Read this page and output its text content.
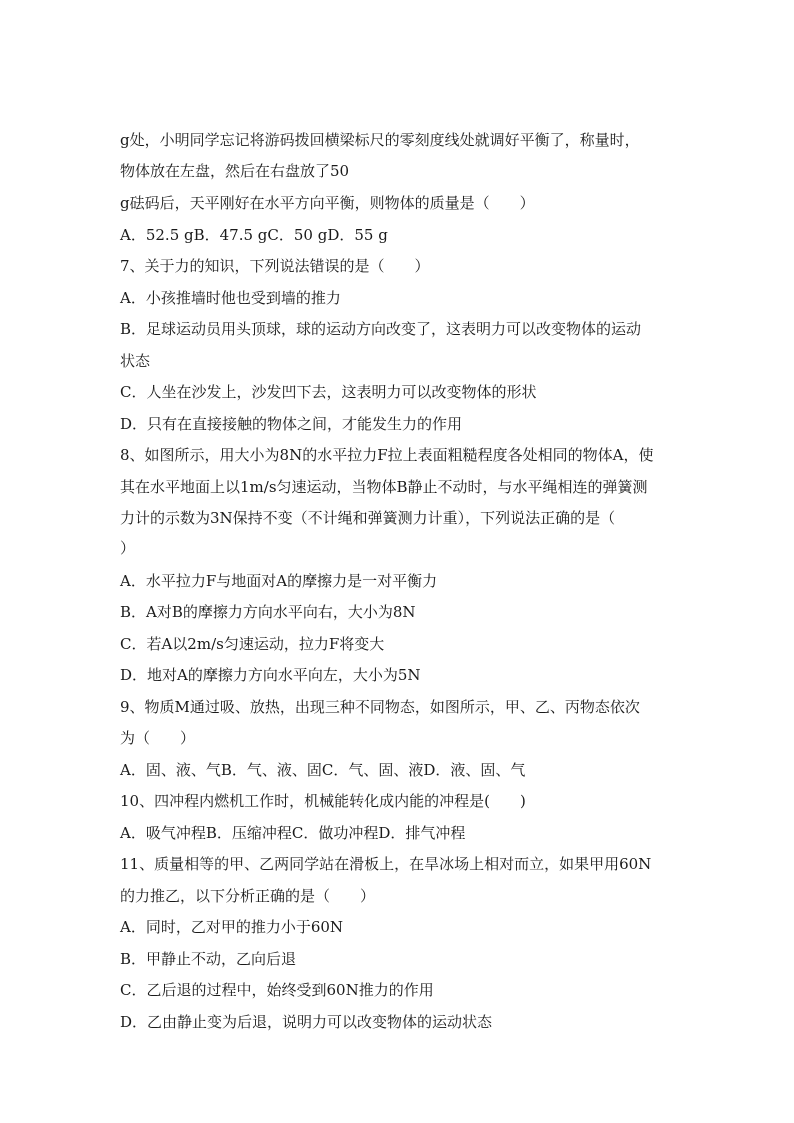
g处，小明同学忘记将游码拨回横梁标尺的零刻度线处就调好平衡了，称量时，
物体放在左盘，然后在右盘放了50
g砝码后，天平刚好在水平方向平衡，则物体的质量是（　　）
A．52.5 gB．47.5 gC．50 gD．55 g
7、关于力的知识，下列说法错误的是（　　）
A．小孩推墙时他也受到墙的推力
B．足球运动员用头顶球，球的运动方向改变了，这表明力可以改变物体的运动
状态
C．人坐在沙发上，沙发凹下去，这表明力可以改变物体的形状
D．只有在直接接触的物体之间，才能发生力的作用
8、如图所示，用大小为8N的水平拉力F拉上表面粗糙程度各处相同的物体A，使
其在水平地面上以1m/s匀速运动，当物体B静止不动时，与水平绳相连的弹簧测
力计的示数为3N保持不变（不计绳和弹簧测力计重），下列说法正确的是（
）
A．水平拉力F与地面对A的摩擦力是一对平衡力
B．A对B的摩擦力方向水平向右，大小为8N
C．若A以2m/s匀速运动，拉力F将变大
D．地对A的摩擦力方向水平向左，大小为5N
9、物质M通过吸、放热，出现三种不同物态，如图所示，甲、乙、丙物态依次
为（　　）
A．固、液、气B．气、液、固C．气、固、液D．液、固、气
10、四冲程内燃机工作时，机械能转化成内能的冲程是(　　)
A．吸气冲程B．压缩冲程C．做功冲程D．排气冲程
11、质量相等的甲、乙两同学站在滑板上，在旱冰场上相对而立，如果甲用60N
的力推乙，以下分析正确的是（　　）
A．同时，乙对甲的推力小于60N
B．甲静止不动，乙向后退
C．乙后退的过程中，始终受到60N推力的作用
D．乙由静止变为后退，说明力可以改变物体的运动状态
